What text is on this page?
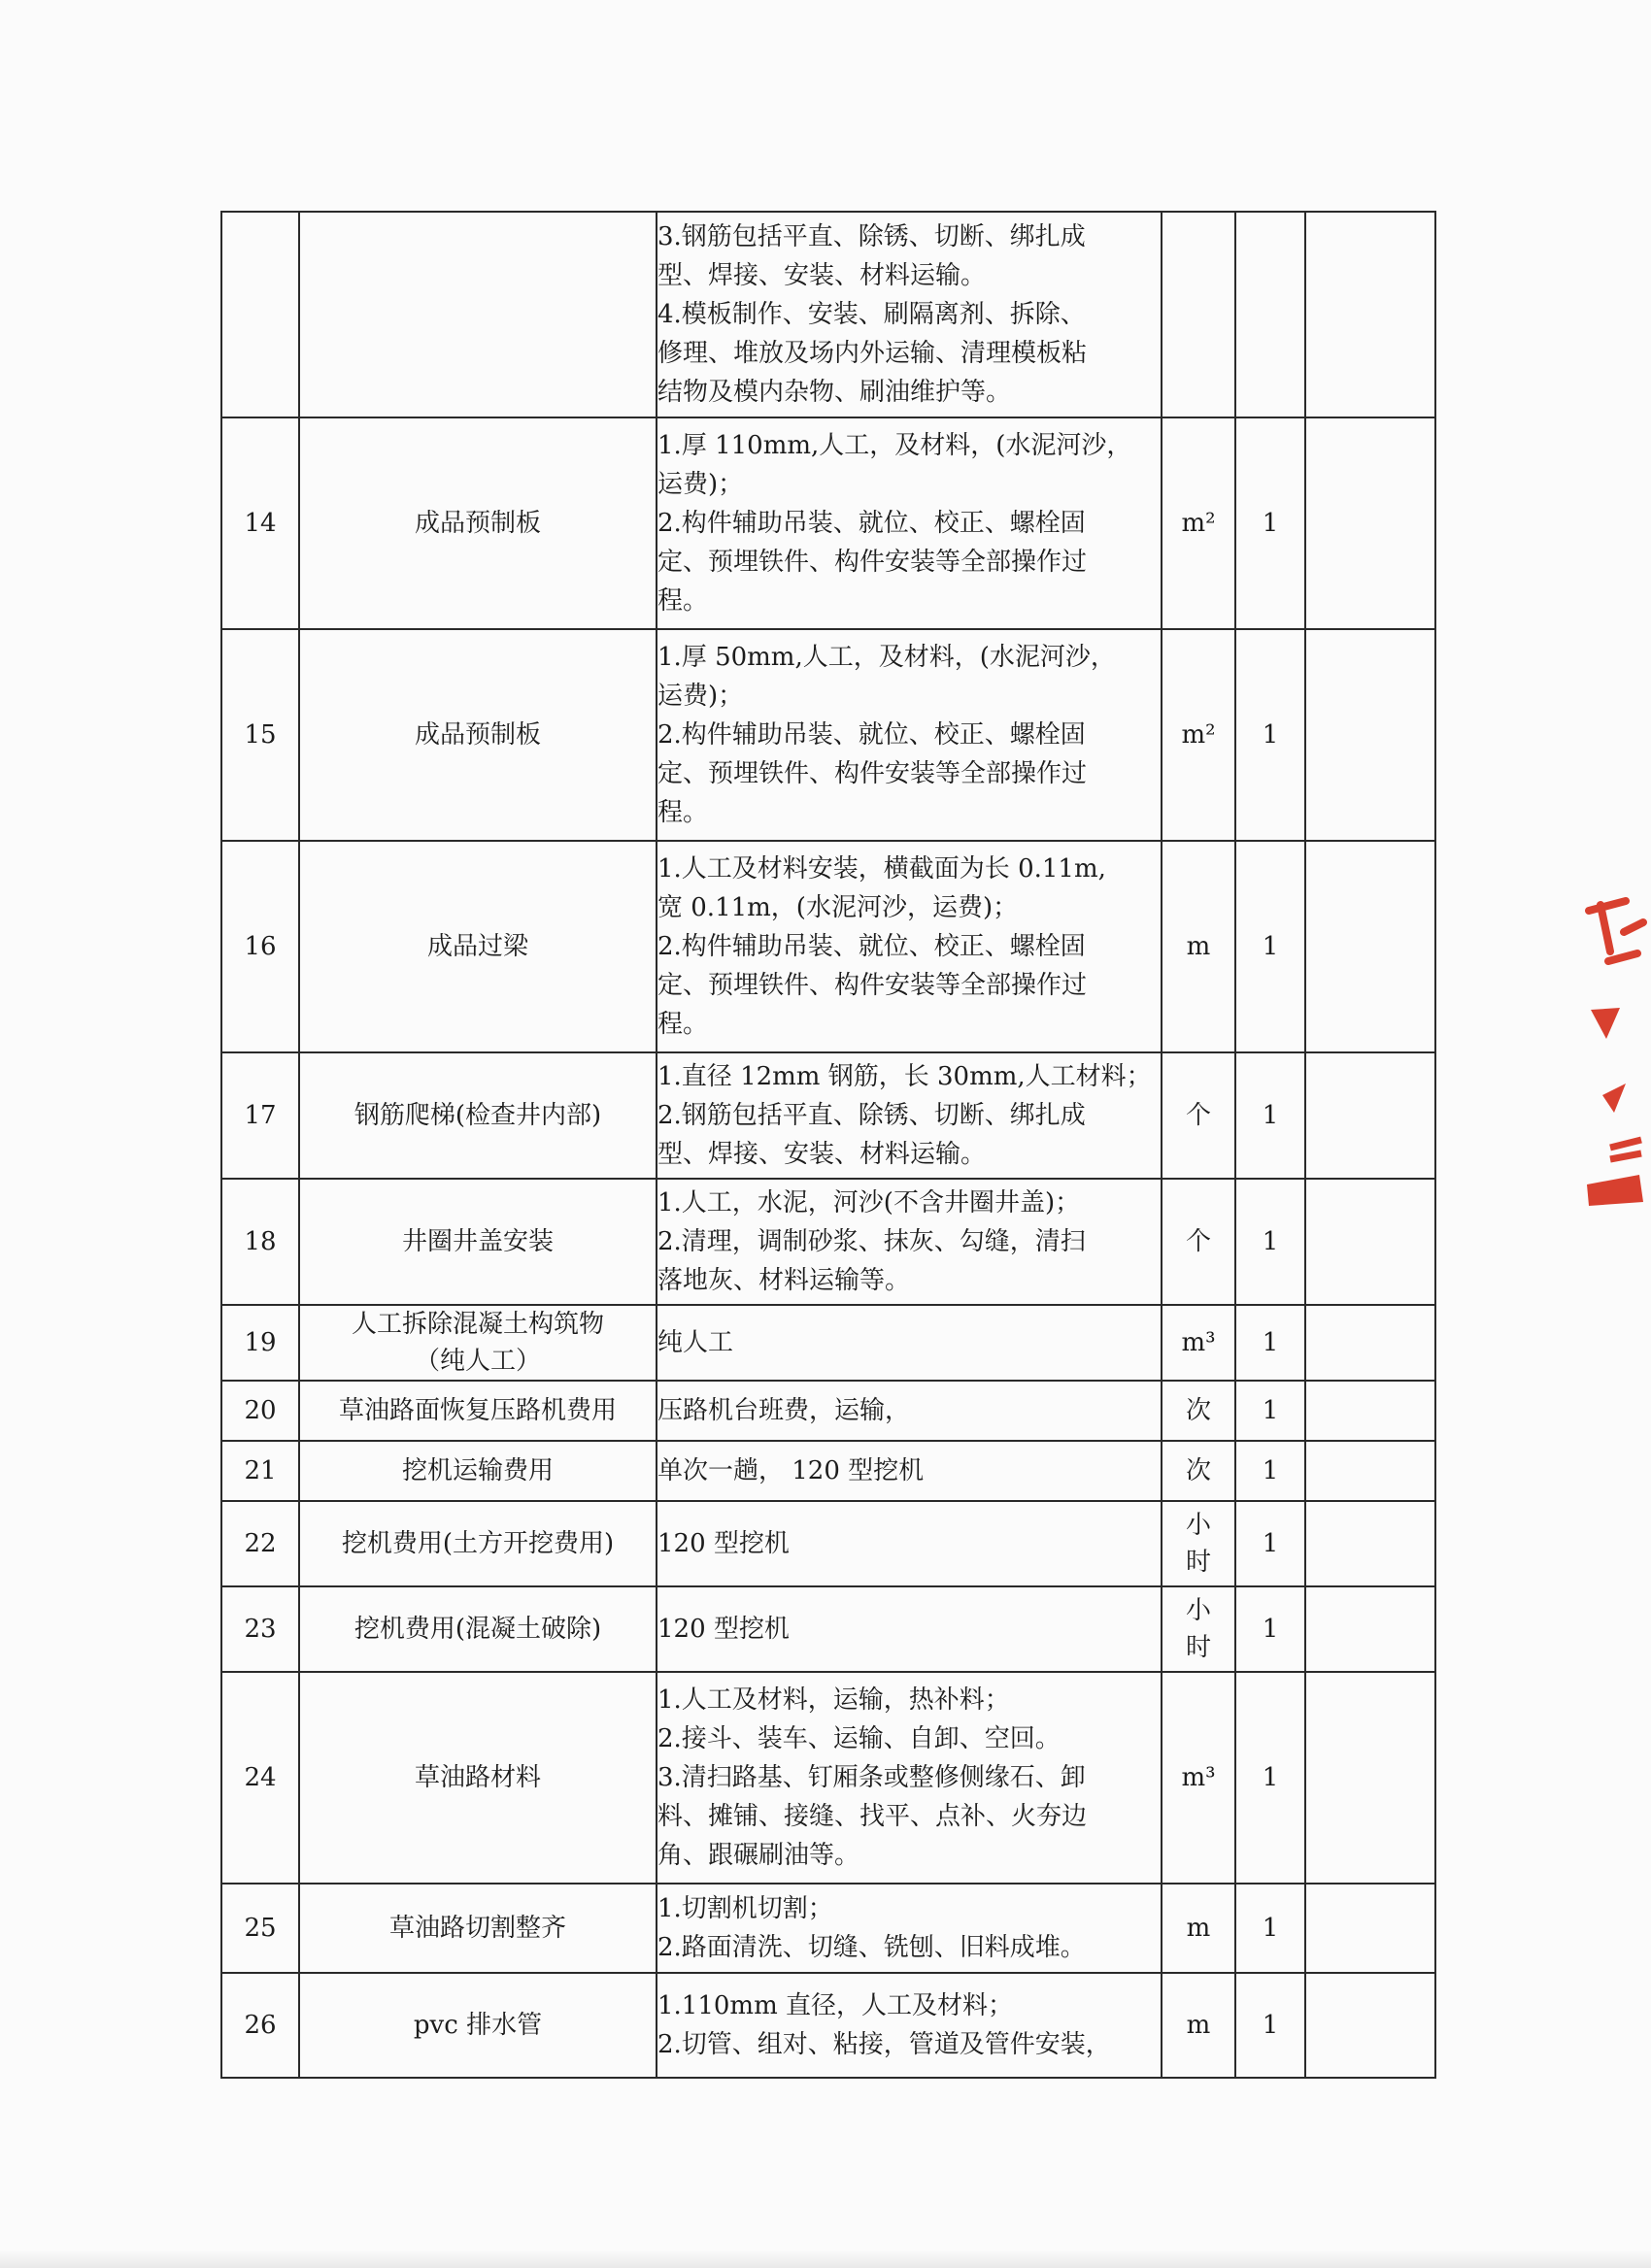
		3.钢筋包括平直、除锈、切断、绑扎成
型、焊接、安装、材料运输。
4.模板制作、安装、刷隔离剂、拆除、
修理、堆放及场内外运输、清理模板粘
结物及模内杂物、刷油维护等。			

14	成品预制板	1.厚 110mm,人工，及材料，(水泥河沙，
运费)；
2.构件辅助吊装、就位、校正、螺栓固
定、预埋铁件、构件安装等全部操作过
程。	m²	1	
15	成品预制板	1.厚 50mm,人工，及材料，(水泥河沙，
运费)；
2.构件辅助吊装、就位、校正、螺栓固
定、预埋铁件、构件安装等全部操作过
程。	m²	1	
16	成品过梁	1.人工及材料安装，横截面为长 0.11m,
宽 0.11m，(水泥河沙，运费)；
2.构件辅助吊装、就位、校正、螺栓固
定、预埋铁件、构件安装等全部操作过
程。	m	1	
17	钢筋爬梯(检查井内部)	1.直径 12mm 钢筋，长 30mm,人工材料；
2.钢筋包括平直、除锈、切断、绑扎成
型、焊接、安装、材料运输。	个	1	
18	井圈井盖安装	1.人工，水泥，河沙(不含井圈井盖)；
2.清理，调制砂浆、抹灰、勾缝，清扫
落地灰、材料运输等。	个	1	
19	人工拆除混凝土构筑物
（纯人工）	纯人工	m³	1	
20	草油路面恢复压路机费用	压路机台班费，运输，	次	1	
21	挖机运输费用	单次一趟， 120 型挖机	次	1	
22	挖机费用(土方开挖费用)	120 型挖机	小
时	1	
23	挖机费用(混凝土破除)	120 型挖机	小
时	1	
24	草油路材料	1.人工及材料，运输，热补料；
2.接斗、装车、运输、自卸、空回。
3.清扫路基、钉厢条或整修侧缘石、卸
料、摊铺、接缝、找平、点补、火夯边
角、跟碾刷油等。	m³	1	
25	草油路切割整齐	1.切割机切割；
2.路面清洗、切缝、铣刨、旧料成堆。	m	1	
26	pvc 排水管	1.110mm 直径，人工及材料；
2.切管、组对、粘接，管道及管件安装，	m	1	
